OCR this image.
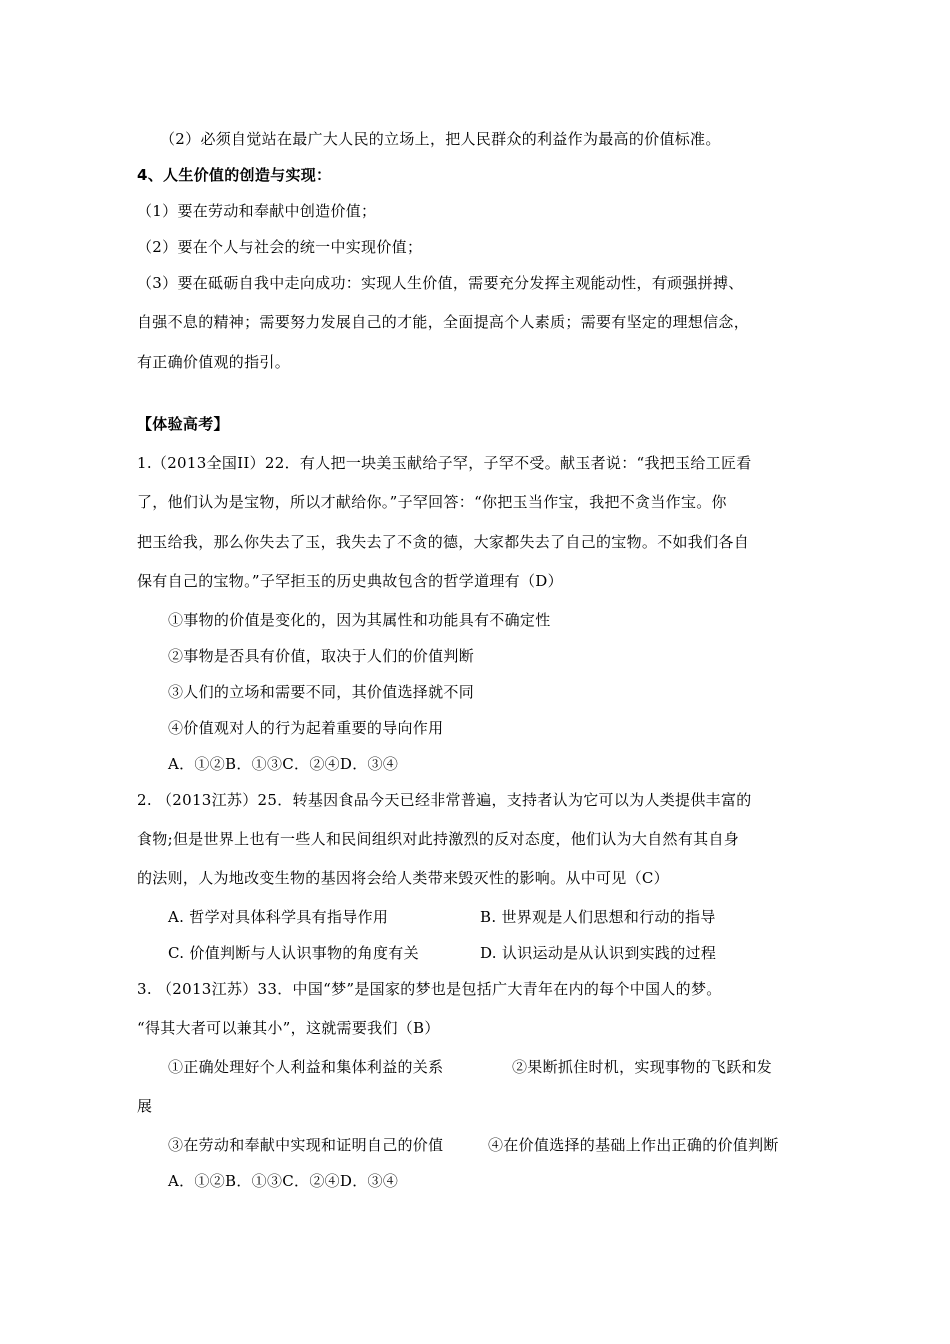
（2）必须自觉站在最广大人民的立场上，把人民群众的利益作为最高的价值标准。
4、人生价值的创造与实现：
（1）要在劳动和奉献中创造价值；
（2）要在个人与社会的统一中实现价值；
（3）要在砥砺自我中走向成功：实现人生价值，需要充分发挥主观能动性，有顽强拼搏、
自强不息的精神；需要努力发展自己的才能，全面提高个人素质；需要有坚定的理想信念，
有正确价值观的指引。
【体验高考】
1.（2013全国II）22．有人把一块美玉献给子罕，子罕不受。献玉者说：“我把玉给工匠看
了，他们认为是宝物，所以才献给你。”子罕回答：“你把玉当作宝，我把不贪当作宝。你
把玉给我，那么你失去了玉，我失去了不贪的德，大家都失去了自己的宝物。不如我们各自
保有自己的宝物。”子罕拒玉的历史典故包含的哲学道理有（D）
①事物的价值是变化的，因为其属性和功能具有不确定性
②事物是否具有价值，取决于人们的价值判断
③人们的立场和需要不同，其价值选择就不同
④价值观对人的行为起着重要的导向作用
A．①②B．①③C．②④D．③④
2. （2013江苏）25．转基因食品今天已经非常普遍，支持者认为它可以为人类提供丰富的
食物;但是世界上也有一些人和民间组织对此持激烈的反对态度，他们认为大自然有其自身
的法则，人为地改变生物的基因将会给人类带来毁灭性的影响。从中可见（C）
A. 哲学对具体科学具有指导作用	B. 世界观是人们思想和行动的指导
C. 价值判断与人认识事物的角度有关	D. 认识运动是从认识到实践的过程
3. （2013江苏）33．中国“梦”是国家的梦也是包括广大青年在内的每个中国人的梦。
“得其大者可以兼其小”，这就需要我们（B）
①正确处理好个人利益和集体利益的关系	②果断抓住时机，实现事物的飞跃和发
展
③在劳动和奉献中实现和证明自己的价值	④在价值选择的基础上作出正确的价值判断
A．①②B．①③C．②④D．③④
